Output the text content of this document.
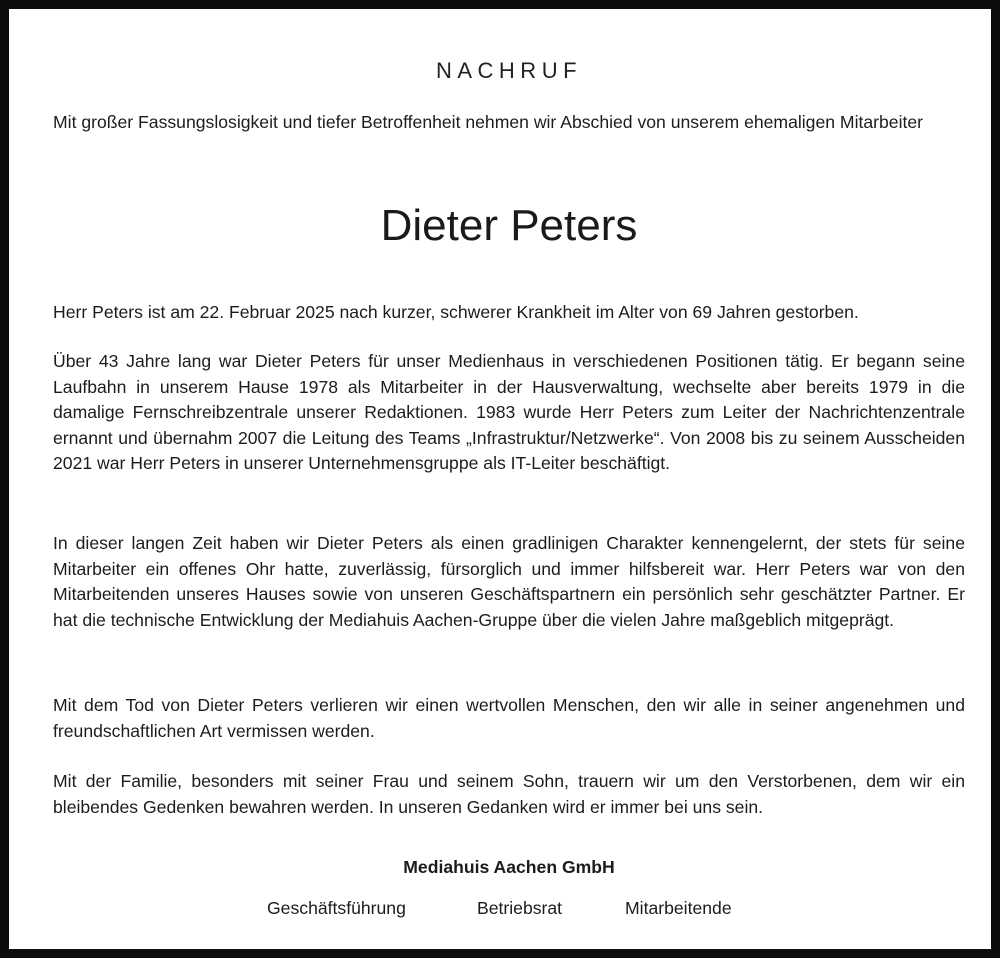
NACHRUF

Mit großer Fassungslosigkeit und tiefer Betroffenheit nehmen wir Abschied von unserem ehemaligen Mitarbeiter

Dieter Peters

Herr Peters ist am 22. Februar 2025 nach kurzer, schwerer Krankheit im Alter von 69 Jahren gestorben.

Über 43 Jahre lang war Dieter Peters für unser Medienhaus in verschiedenen Positionen tätig. Er begann seine Laufbahn in unserem Hause 1978 als Mitarbeiter in der Hausverwaltung, wechselte aber bereits 1979 in die damalige Fernschreibzentrale unserer Redaktionen. 1983 wurde Herr Peters zum Leiter der Nachrichtenzentrale ernannt und übernahm 2007 die Leitung des Teams „Infrastruktur/Netzwerke“. Von 2008 bis zu seinem Ausscheiden 2021 war Herr Peters in unserer Unternehmensgruppe als IT-Leiter beschäftigt.

In dieser langen Zeit haben wir Dieter Peters als einen gradlinigen Charakter kennengelernt, der stets für seine Mitarbeiter ein offenes Ohr hatte, zuverlässig, fürsorglich und immer hilfsbereit war. Herr Peters war von den Mitarbeitenden unseres Hauses sowie von unseren Geschäftspartnern ein persönlich sehr geschätzter Partner. Er hat die technische Entwicklung der Mediahuis Aachen-Gruppe über die vielen Jahre maßgeblich mitgeprägt.

Mit dem Tod von Dieter Peters verlieren wir einen wertvollen Menschen, den wir alle in seiner angenehmen und freundschaftlichen Art vermissen werden.

Mit der Familie, besonders mit seiner Frau und seinem Sohn, trauern wir um den Verstorbenen, dem wir ein bleibendes Gedenken bewahren werden. In unseren Gedanken wird er immer bei uns sein.

Mediahuis Aachen GmbH

Geschäftsführung	Betriebsrat	Mitarbeitende
